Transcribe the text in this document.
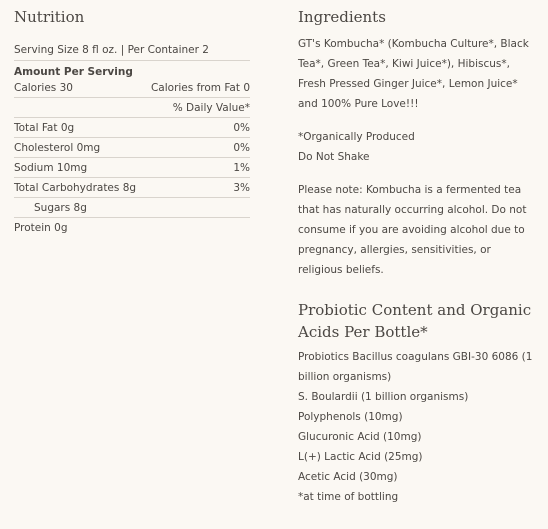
Nutrition
Serving Size 8 fl oz. | Per Container 2
Amount Per Serving
Calories 30	Calories from Fat 0
% Daily Value*
Total Fat 0g	0%
Cholesterol 0mg	0%
Sodium 10mg	1%
Total Carbohydrates 8g	3%
Sugars 8g
Protein 0g
Ingredients

GT's Kombucha* (Kombucha Culture*, Black Tea*, Green Tea*, Kiwi Juice*), Hibiscus*, Fresh Pressed Ginger Juice*, Lemon Juice* and 100% Pure Love!!!

*Organically Produced

Do Not Shake

Please note: Kombucha is a fermented tea that has naturally occurring alcohol. Do not consume if you are avoiding alcohol due to pregnancy, allergies, sensitivities, or religious beliefs.

Probiotic Content and Organic Acids Per Bottle*
Probiotics Bacillus coagulans GBI-30 6086 (1 billion organisms)
S. Boulardii (1 billion organisms)
Polyphenols (10mg)
Glucuronic Acid (10mg)
L(+) Lactic Acid (25mg)
Acetic Acid (30mg)
*at time of bottling
